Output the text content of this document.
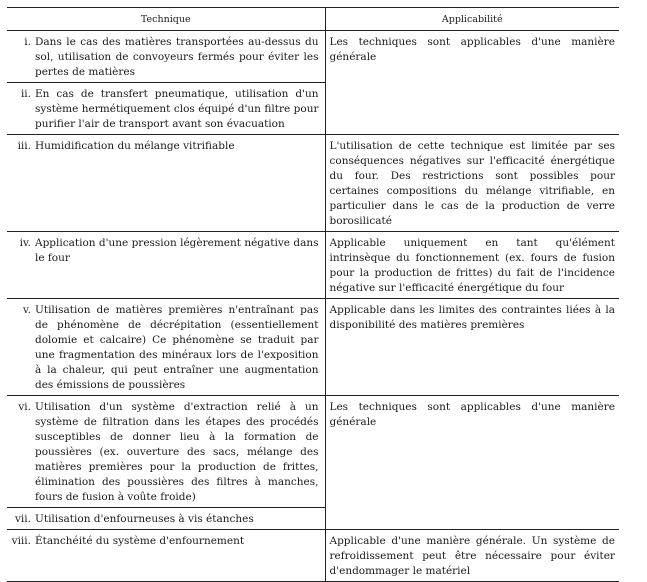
Technique	Applicabilité

i. Dans le cas des matières transportées au-dessus du sol, utilisation de convoyeurs fermés pour éviter les pertes de matières	Les techniques sont applicables d'une manière générale

ii. En cas de transfert pneumatique, utilisation d'un système hermétiquement clos équipé d'un filtre pour purifier l'air de transport avant son évacuation	

iii. Humidification du mélange vitrifiable	L'utilisation de cette technique est limitée par ses conséquences négatives sur l'efficacité énergétique du four. Des restrictions sont possibles pour certaines compositions du mélange vitrifiable, en particulier dans le cas de la production de verre borosilicaté

iv. Application d'une pression légèrement négative dans le four	Applicable uniquement en tant qu'élément intrinsèque du fonctionnement (ex. fours de fusion pour la production de frittes) du fait de l'incidence négative sur l'efficacité énergétique du four

v. Utilisation de matières premières n'entraînant pas de phénomène de décrépitation (essentiellement dolomie et calcaire) Ce phénomène se traduit par une fragmentation des minéraux lors de l'exposition à la chaleur, qui peut entraîner une augmentation des émissions de poussières	Applicable dans les limites des contraintes liées à la disponibilité des matières premières

vi. Utilisation d'un système d'extraction relié à un système de filtration dans les étapes des procédés susceptibles de donner lieu à la formation de poussières (ex. ouverture des sacs, mélange des matières premières pour la production de frittes, élimination des poussières des filtres à manches, fours de fusion à voûte froide)	Les techniques sont applicables d'une manière générale

vii. Utilisation d'enfourneuses à vis étanches	

viii. Étanchéité du système d'enfournement	Applicable d'une manière générale. Un système de refroidissement peut être nécessaire pour éviter d'endommager le matériel
